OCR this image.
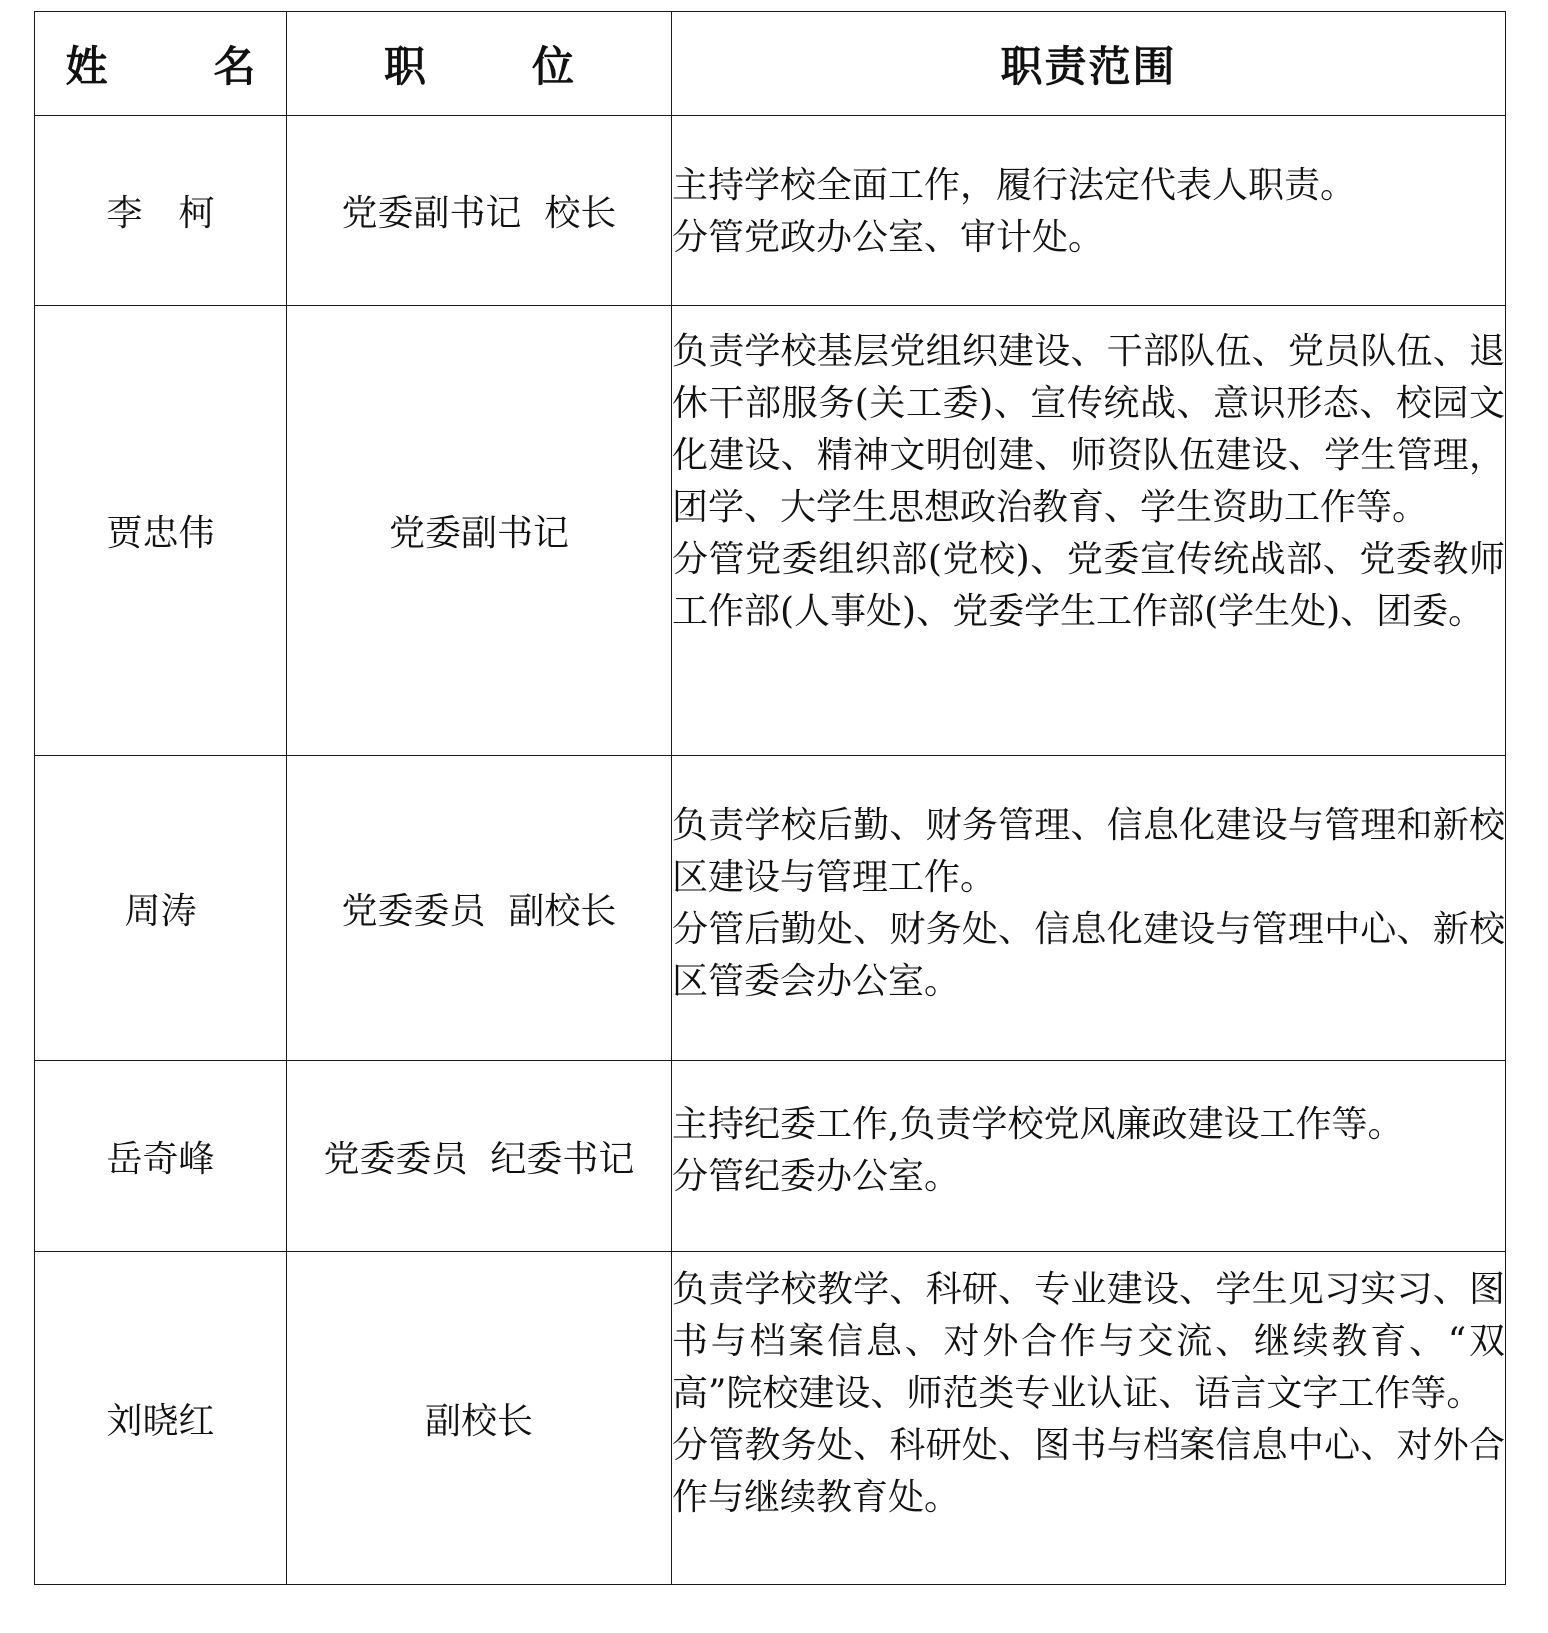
姓 名	职 位	职责范围
李　柯	党委副书记  校长	主持学校全面工作，履行法定代表人职责。
分管党政办公室、审计处。

贾忠伟	党委副书记	负责学校基层党组织建设、干部队伍、党员队伍、退休干部服务(关工委)、宣传统战、意识形态、校园文化建设、精神文明创建、师资队伍建设、学生管理，团学、大学生思想政治教育、学生资助工作等。
分管党委组织部(党校)、党委宣传统战部、党委教师工作部(人事处)、党委学生工作部(学生处)、团委。

周涛	党委委员  副校长	负责学校后勤、财务管理、信息化建设与管理和新校区建设与管理工作。
分管后勤处、财务处、信息化建设与管理中心、新校区管委会办公室。

岳奇峰	党委委员  纪委书记	主持纪委工作,负责学校党风廉政建设工作等。
分管纪委办公室。

刘晓红	副校长	负责学校教学、科研、专业建设、学生见习实习、图书与档案信息、对外合作与交流、继续教育、“双高”院校建设、师范类专业认证、语言文字工作等。
分管教务处、科研处、图书与档案信息中心、对外合作与继续教育处。
